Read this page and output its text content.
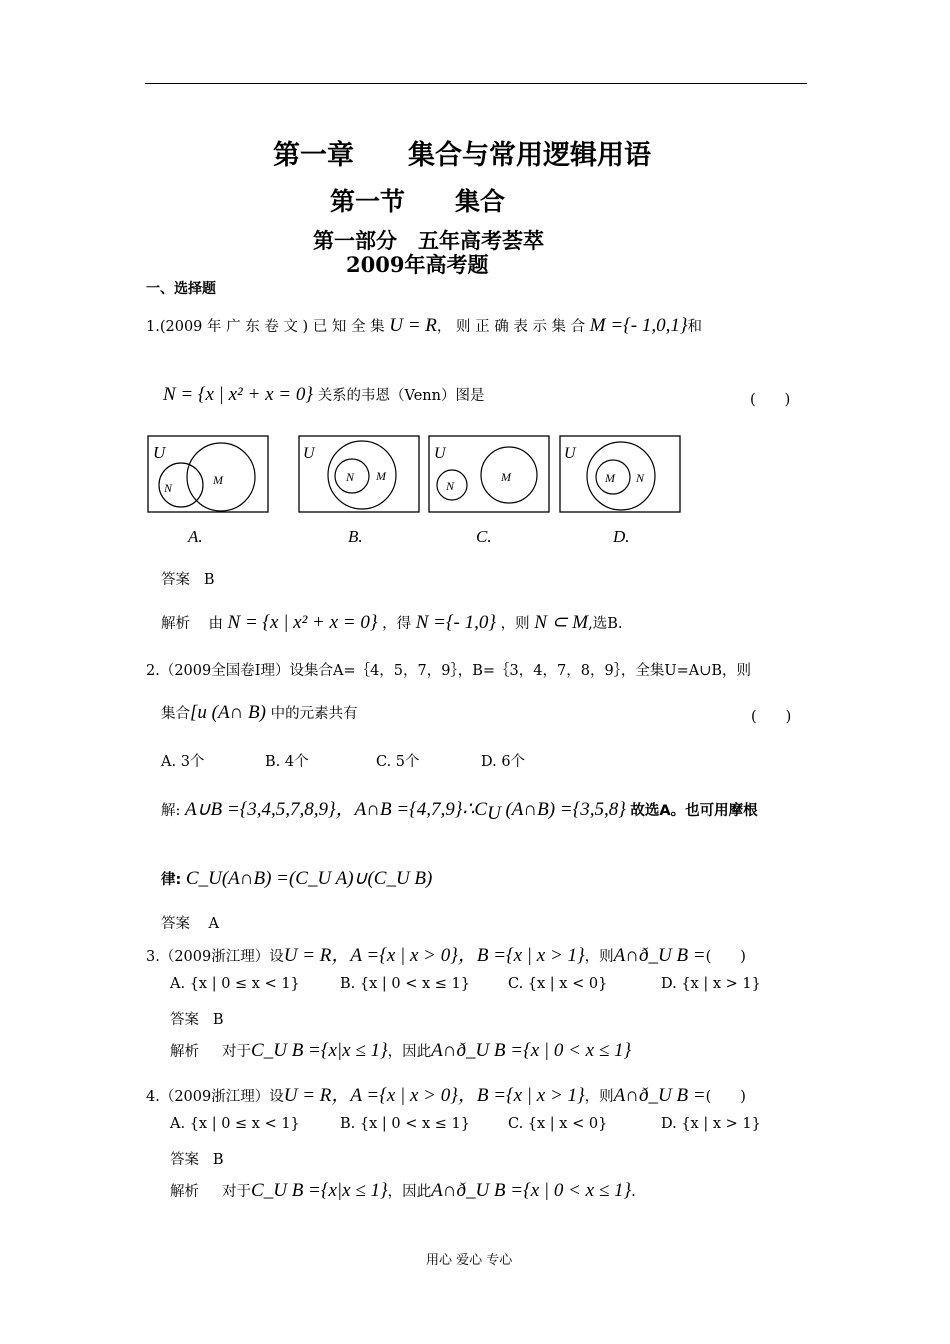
第一章　　集合与常用逻辑用语
第一节　　集合
第一部分　五年高考荟萃
2009年高考题
一、选择题
1.(2009 年 广 东 卷 文 ) 已 知 全 集 U = R， 则 正 确 表 示 集 合 M ={- 1,0,1}和
N = {x | x² + x = 0} 关系的韦恩（Venn）图是	(　　)
U
N
M
U
N M
U
N
M
U
M N
A.	B.	C.	D.
答案 B
解析 由 N = {x | x² + x = 0} ，得 N ={- 1,0} ，则 N ⊂ M,选B.
2.（2009全国卷Ⅰ理）设集合A=｛4，5，7，9｝，B=｛3，4，7，8，9｝，全集U=A∪B，则
集合[u (A∩ B) 中的元素共有	(　　)
A. 3个	B. 4个	C. 5个	D. 6个
解: A∪B ={3,4,5,7,8,9}，A∩B $=\{4,7,9\}\therefore C_U$ (A∩B) ={3,5,8} 故选A。也可用摩根
律: C_U(A∩B) =(C_U A)∪(C_U B)
答案 A
3.（2009浙江理）设U = R，A ={x | x > 0}，B ={x | x > 1}，则A∩ð_U B =(　　)
A. {x | 0 ≤ x < 1}	B. {x | 0 < x ≤ 1}	C. {x | x < 0}	D. {x | x > 1}
答案 B
解析 对于C_U B ={x|x ≤ 1}，因此A∩ð_U B ={x | 0 < x ≤ 1}
4.（2009浙江理）设U = R，A ={x | x > 0}，B ={x | x > 1}，则A∩ð_U B =(　　)
A. {x | 0 ≤ x < 1}	B. {x | 0 < x ≤ 1}	C. {x | x < 0}	D. {x | x > 1}
答案 B
解析 对于C_U B ={x|x ≤ 1}，因此A∩ð_U B ={x | 0 < x ≤ 1}.
用心 爱心 专心
